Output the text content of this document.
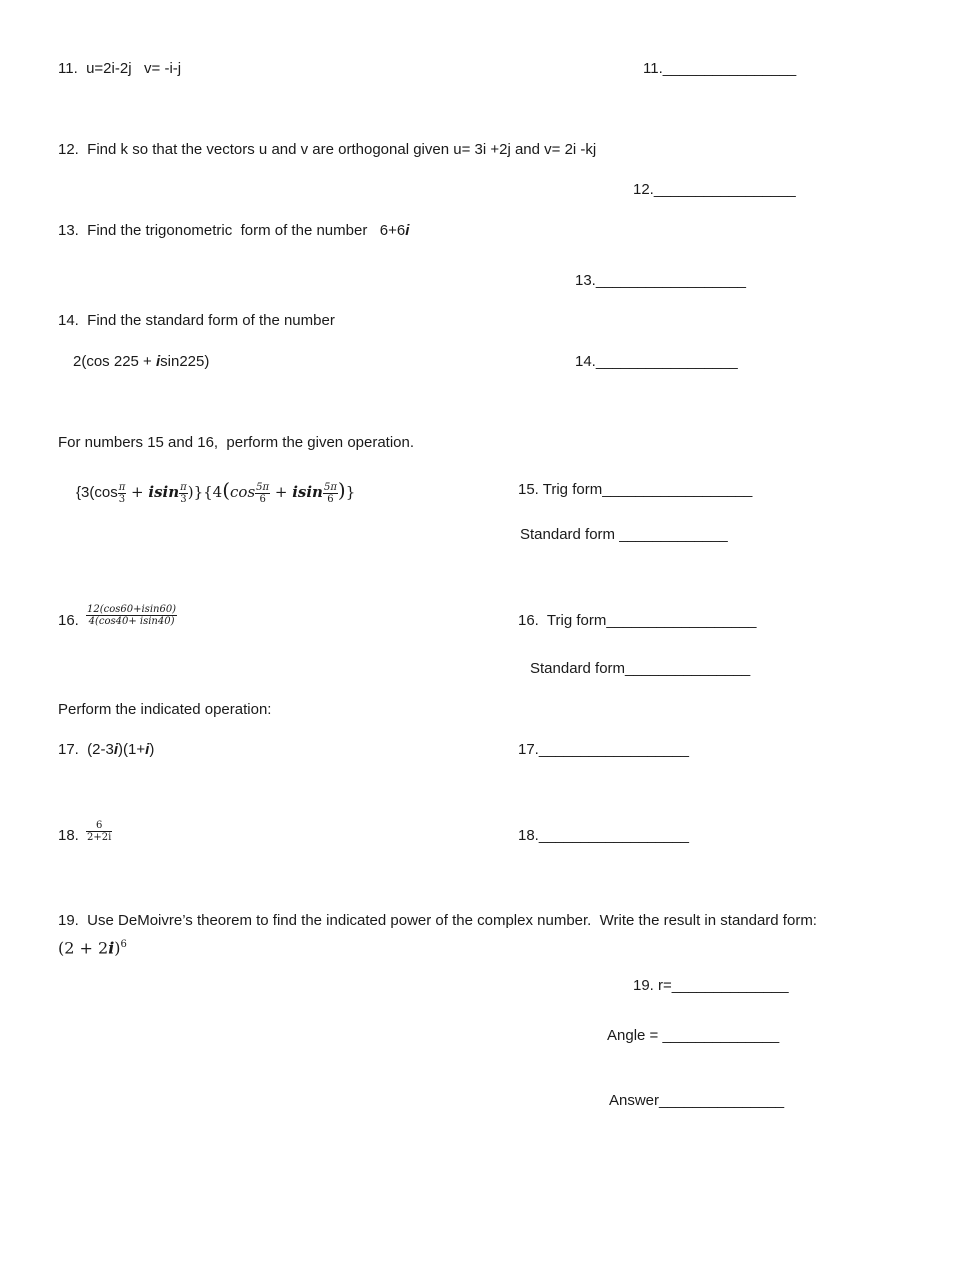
11.  u=2i-2j   v= -i-j	11.________________
12.  Find k so that the vectors u and v are orthogonal given u= 3i +2j and v= 2i -kj
12._________________
13.  Find the trigonometric  form of the number   6+6i
13.__________________
14.  Find the standard form of the number
2(cos 225 + isin225)	14._________________
For numbers 15 and 16,  perform the given operation.
$\{3(\cos \frac{\pi}{3} + isin \frac{\pi}{3} )\}\{4(\cos \frac{5\pi}{6} + isin \frac{5\pi}{6}$ )}	15. Trig form__________________
Standard form _____________
16. $\frac{12(\cos 60+isin60)}{4(\cos 40+ isin40)}$	16.  Trig form__________________
Standard form_______________
Perform the indicated operation:
17.  (2-3i)(1+i)	17.__________________
18. $\frac{6}{2+2i}$	18.__________________
19.  Use DeMoivre’s theorem to find the indicated power of the complex number.  Write the result in standard form:
$(2 + 2i)^6$
19. r=______________
Angle = ______________
Answer_______________
